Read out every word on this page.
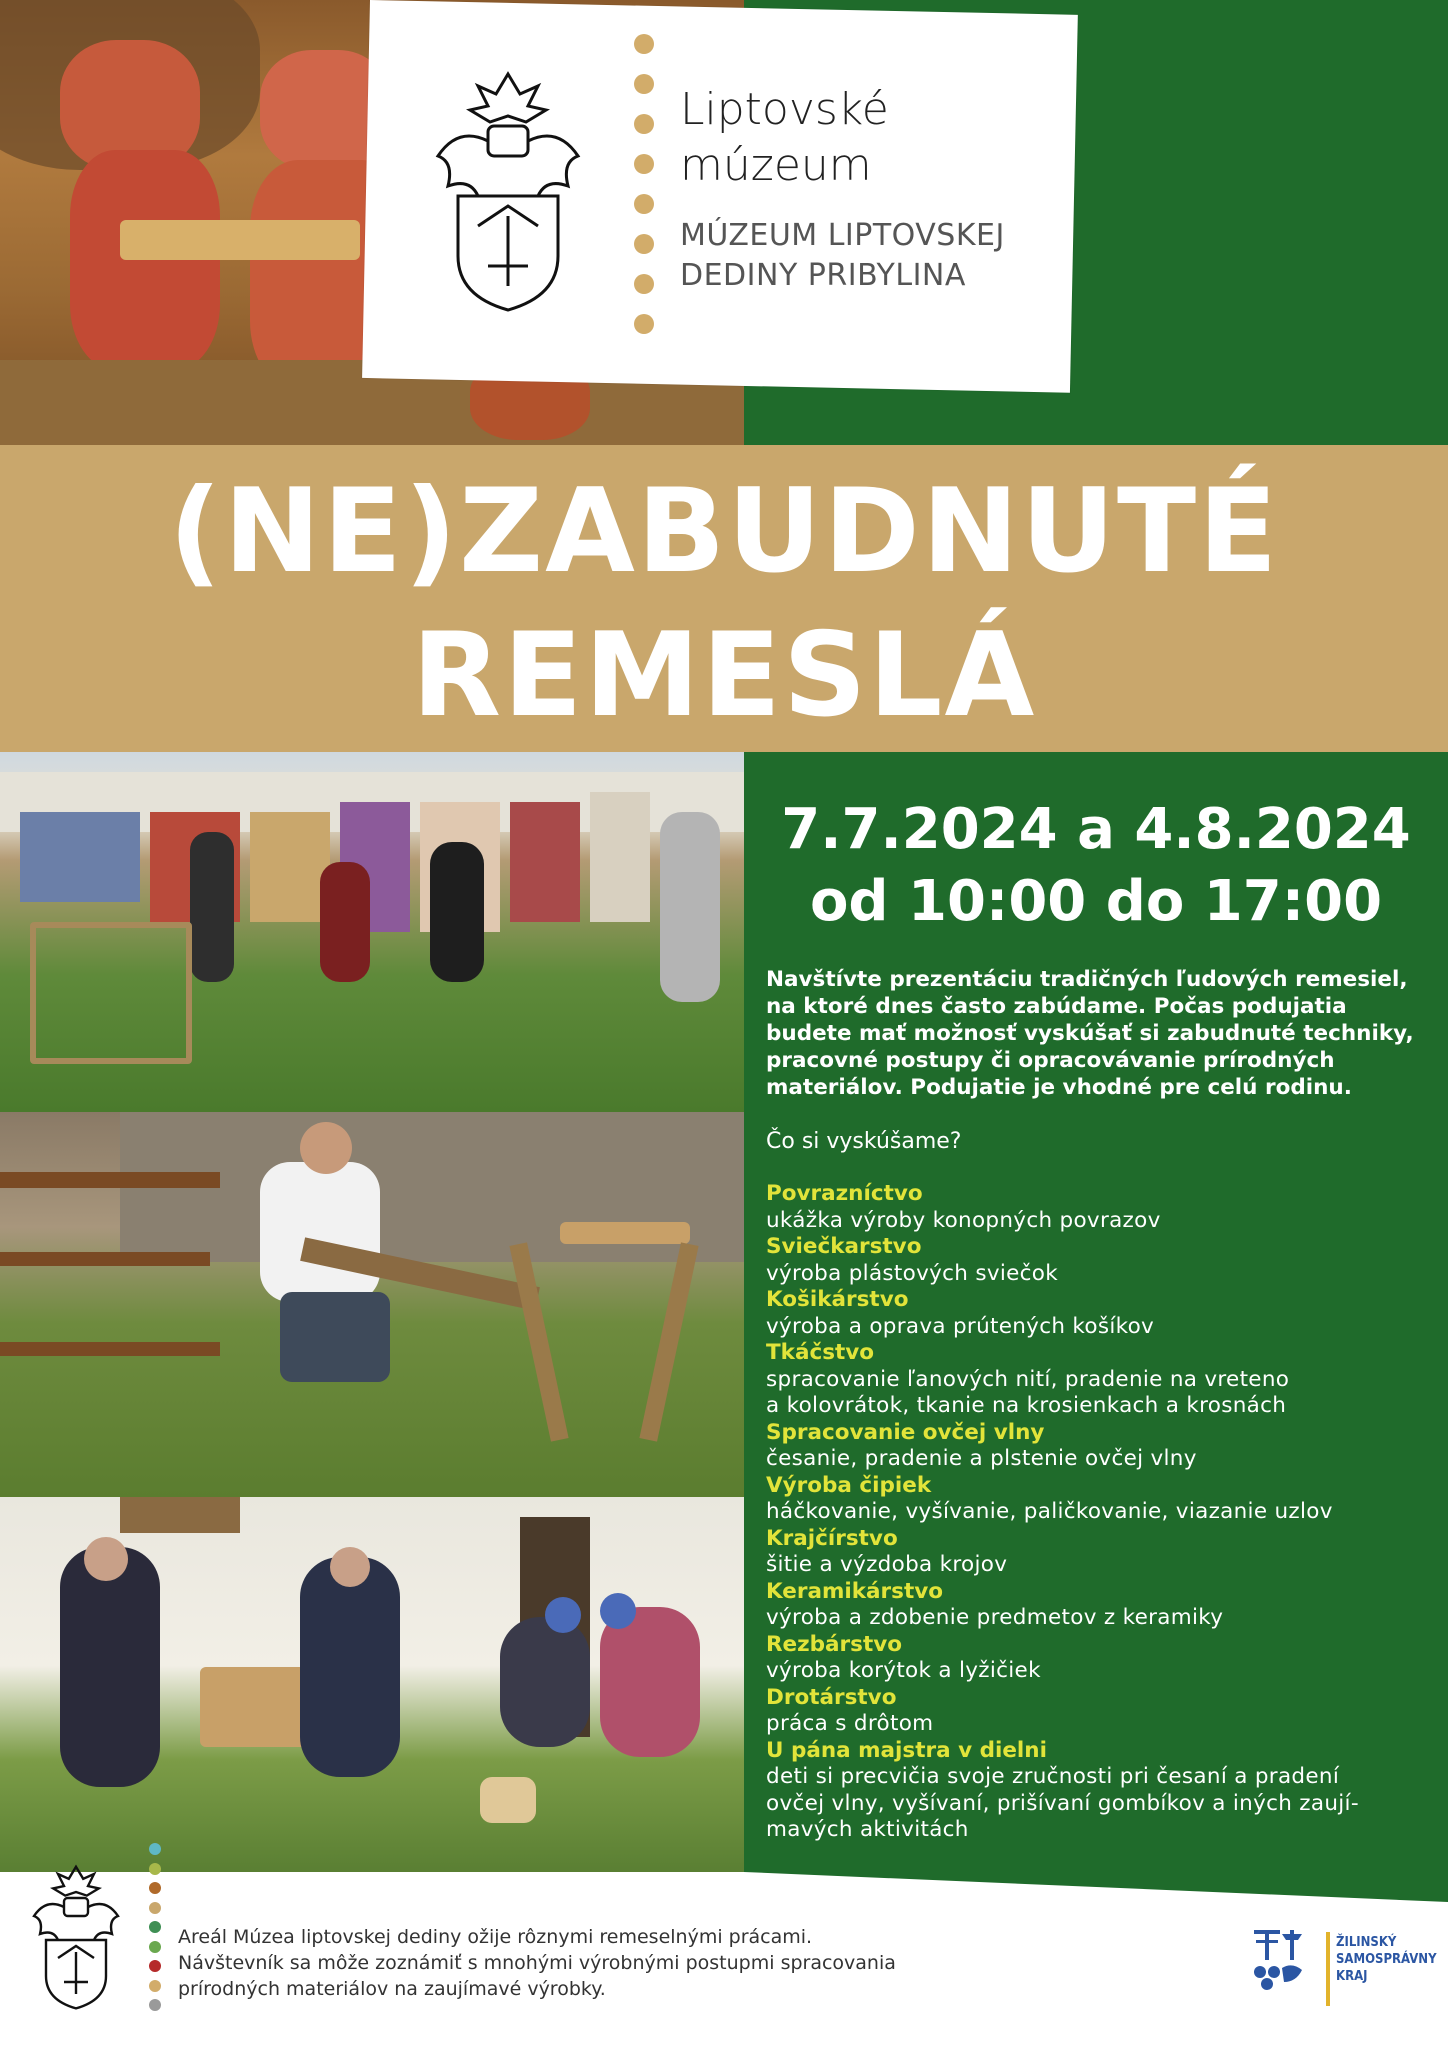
Liptovské
múzeum
MÚZEUM LIPTOVSKEJ
DEDINY PRIBYLINA
(NE)ZABUDNUTÉ
REMESLÁ
7.7.2024 a 4.8.2024
od 10:00 do 17:00
Navštívte prezentáciu tradičných ľudových remesiel,
na ktoré dnes často zabúdame. Počas podujatia
budete mať možnosť vyskúšať si zabudnuté techniky,
pracovné postupy či opracovávanie prírodných
materiálov. Podujatie je vhodné pre celú rodinu.
Čo si vyskúšame?
Povrazníctvo
ukážka výroby konopných povrazov
Sviečkarstvo
výroba plástových sviečok
Košikárstvo
výroba a oprava prútených košíkov
Tkáčstvo
spracovanie ľanových nití, pradenie na vreteno
a kolovrátok, tkanie na krosienkach a krosnách
Spracovanie ovčej vlny
česanie, pradenie a plstenie ovčej vlny
Výroba čipiek
háčkovanie, vyšívanie, paličkovanie, viazanie uzlov
Krajčírstvo
šitie a výzdoba krojov
Keramikárstvo
výroba a zdobenie predmetov z keramiky
Rezbárstvo
výroba korýtok a lyžičiek
Drotárstvo
práca s drôtom
U pána majstra v dielni
deti si precvičia svoje zručnosti pri česaní a pradení
ovčej vlny, vyšívaní, prišívaní gombíkov a iných zaují-
mavých aktivitách
Areál Múzea liptovskej dediny ožije rôznymi remeselnými prácami.
Návštevník sa môže zoznámiť s mnohými výrobnými postupmi spracovania
prírodných materiálov na zaujímavé výrobky.
ŽILINSKÝ
SAMOSPRÁVNY
KRAJ
